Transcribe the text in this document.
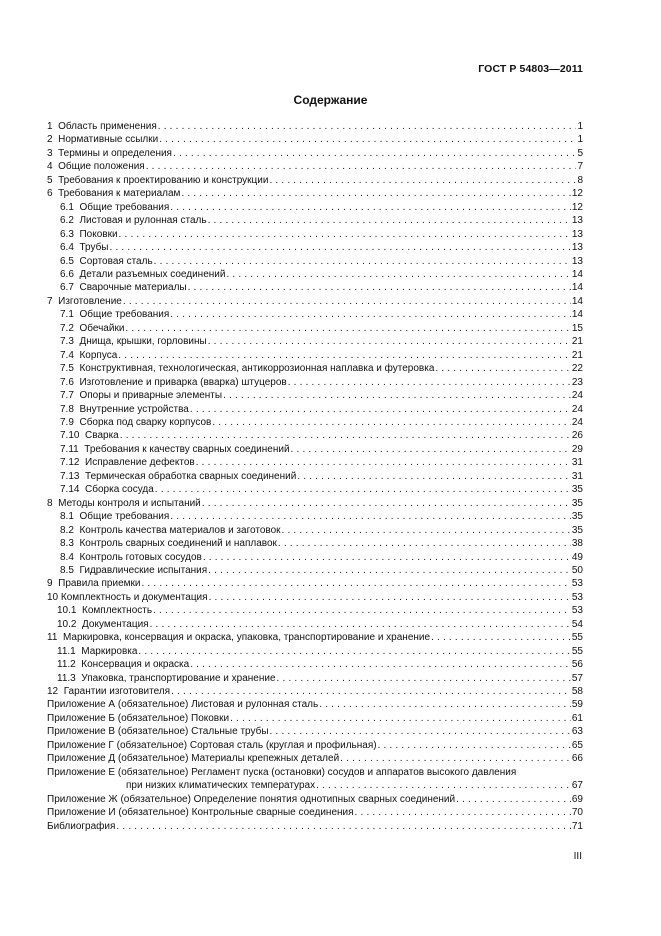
ГОСТ Р 54803—2011
Содержание
1 Область применения . . .	1
2 Нормативные ссылки . . .	1
3 Термины и определения . . .	5
4 Общие положения . . .	7
5 Требования к проектированию и конструкции . . .	8
6 Требования к материалам . . .	12
6.1 Общие требования . . .	12
6.2 Листовая и рулонная сталь . . .	13
6.3 Поковки . . .	13
6.4 Трубы . . .	13
6.5 Сортовая сталь . . .	13
6.6 Детали разъемных соединений . . .	14
6.7 Сварочные материалы . . .	14
7 Изготовление . . .	14
7.1 Общие требования . . .	14
7.2 Обечайки . . .	15
7.3 Днища, крышки, горловины . . .	21
7.4 Корпуса . . .	21
7.5 Конструктивная, технологическая, антикоррозионная наплавка и футеровка . . .	22
7.6 Изготовление и приварка (вварка) штуцеров . . .	23
7.7 Опоры и приварные элементы . . .	24
7.8 Внутренние устройства . . .	24
7.9 Сборка под сварку корпусов . . .	24
7.10 Сварка . . .	26
7.11 Требования к качеству сварных соединений . . .	29
7.12 Исправление дефектов . . .	31
7.13 Термическая обработка сварных соединений . . .	31
7.14 Сборка сосуда . . .	35
8 Методы контроля и испытаний . . .	35
8.1 Общие требования . . .	35
8.2 Контроль качества материалов и заготовок . . .	35
8.3 Контроль сварных соединений и наплавок . . .	38
8.4 Контроль готовых сосудов . . .	49
8.5 Гидравлические испытания . . .	50
9 Правила приемки . . .	53
10 Комплектность и документация . . .	53
10.1 Комплектность . . .	53
10.2 Документация . . .	54
11 Маркировка, консервация и окраска, упаковка, транспортирование и хранение . . .	55
11.1 Маркировка . . .	55
11.2 Консервация и окраска . . .	56
11.3 Упаковка, транспортирование и хранение . . .	57
12 Гарантии изготовителя . . .	58
Приложение А (обязательное) Листовая и рулонная сталь . . .	59
Приложение Б (обязательное) Поковки . . .	61
Приложение В (обязательное) Стальные трубы . . .	63
Приложение Г (обязательное) Сортовая сталь (круглая и профильная) . . .	65
Приложение Д (обязательное) Материалы крепежных деталей . . .	66
Приложение Е (обязательное) Регламент пуска (остановки) сосудов и аппаратов высокого давления
при низких климатических температурах . . .	67
Приложение Ж (обязательное) Определение понятия однотипных сварных соединений . . .	69
Приложение И (обязательное) Контрольные сварные соединения . . .	70
Библиография . . .	71
III
